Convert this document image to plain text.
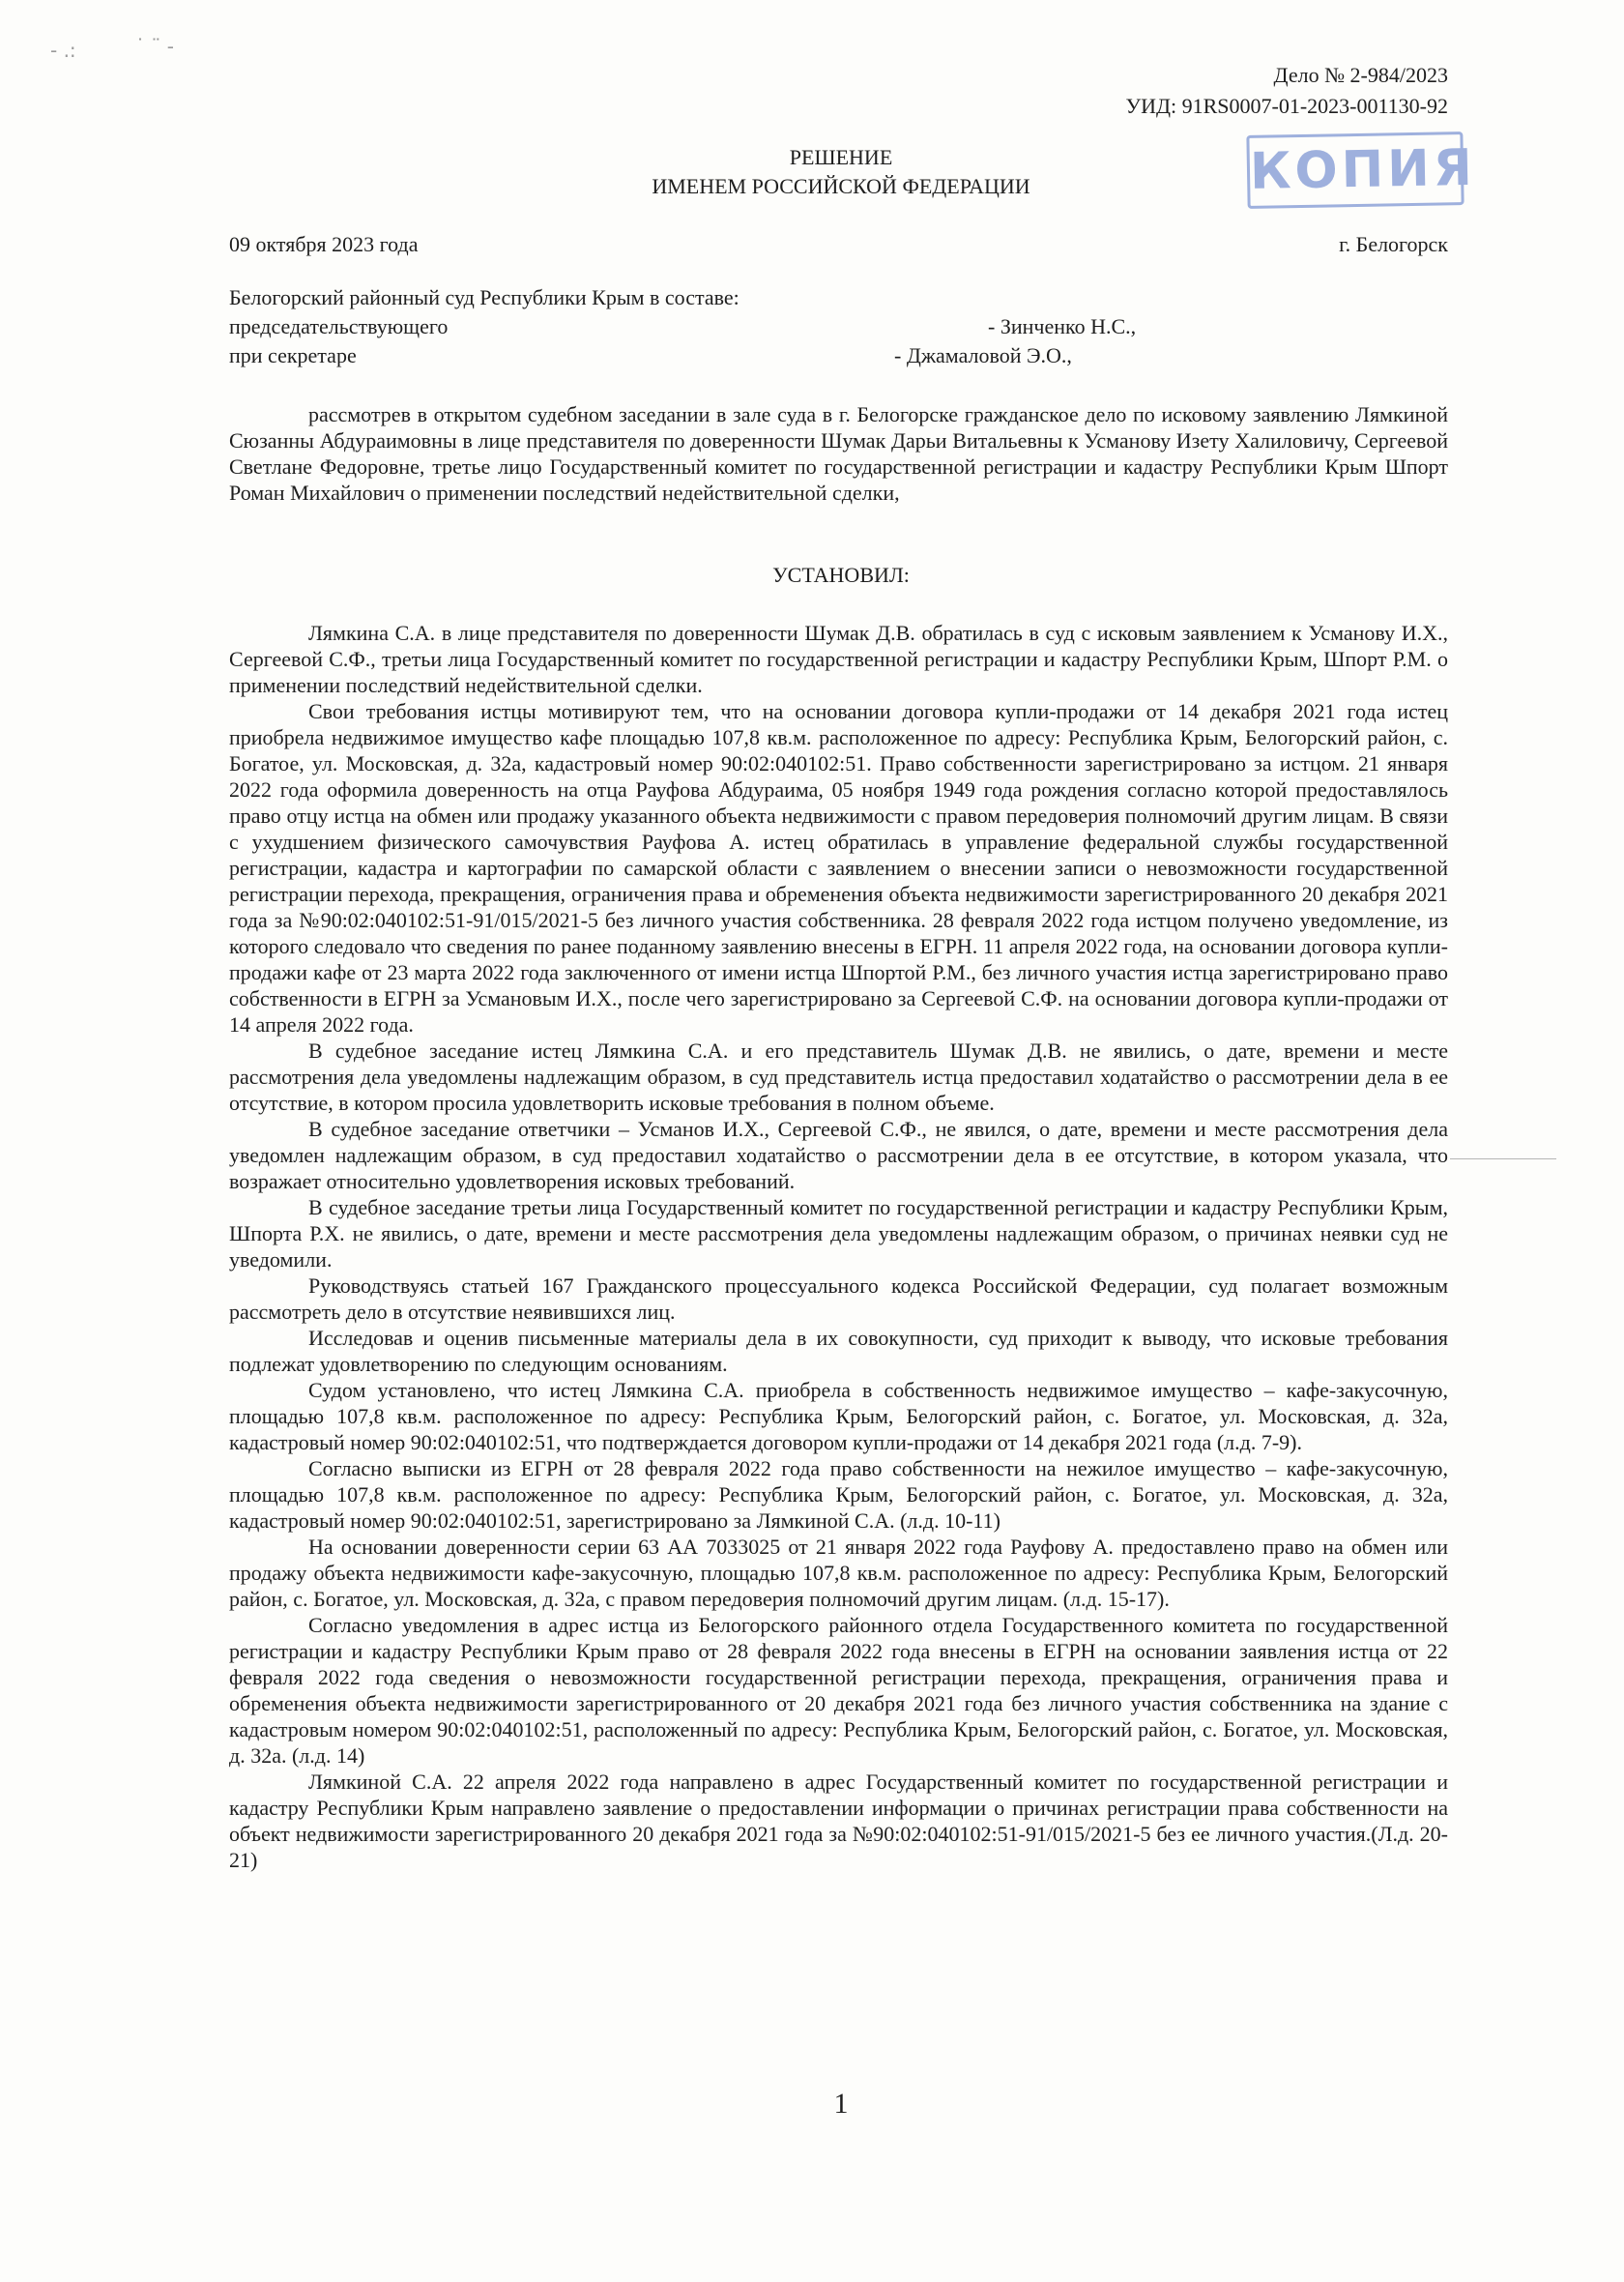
- .:	˙ ¨ -
Дело № 2-984/2023
УИД: 91RS0007-01-2023-001130-92
КОПИЯ
РЕШЕНИЕ
ИМЕНЕМ РОССИЙСКОЙ ФЕДЕРАЦИИ
09 октября 2023 года	г. Белогорск
Белогорский районный суд Республики Крым в составе:
председательствующего	- Зинченко Н.С.,
при секретаре	- Джамаловой Э.О.,

рассмотрев в открытом судебном заседании в зале суда в г. Белогорске гражданское дело по исковому заявлению Лямкиной Сюзанны Абдураимовны в лице представителя по доверенности Шумак Дарьи Витальевны к Усманову Изету Халиловичу, Сергеевой Светлане Федоровне, третье лицо Государственный комитет по государственной регистрации и кадастру Республики Крым Шпорт Роман Михайлович о применении последствий недействительной сделки,

УСТАНОВИЛ:

Лямкина С.А. в лице представителя по доверенности Шумак Д.В. обратилась в суд с исковым заявлением к Усманову И.Х., Сергеевой С.Ф., третьи лица Государственный комитет по государственной регистрации и кадастру Республики Крым, Шпорт Р.М. о применении последствий недействительной сделки.

Свои требования истцы мотивируют тем, что на основании договора купли-продажи от 14 декабря 2021 года истец приобрела недвижимое имущество кафе площадью 107,8 кв.м. расположенное по адресу: Республика Крым, Белогорский район, с. Богатое, ул. Московская, д. 32а, кадастровый номер 90:02:040102:51. Право собственности зарегистрировано за истцом. 21 января 2022 года оформила доверенность на отца Рауфова Абдураима, 05 ноября 1949 года рождения согласно которой предоставлялось право отцу истца на обмен или продажу указанного объекта недвижимости с правом передоверия полномочий другим лицам. В связи с ухудшением физического самочувствия Рауфова А. истец обратилась в управление федеральной службы государственной регистрации, кадастра и картографии по самарской области с заявлением о внесении записи о невозможности государственной регистрации перехода, прекращения, ограничения права и обременения объекта недвижимости зарегистрированного 20 декабря 2021 года за №90:02:040102:51-91/015/2021-5 без личного участия собственника. 28 февраля 2022 года истцом получено уведомление, из которого следовало что сведения по ранее поданному заявлению внесены в ЕГРН. 11 апреля 2022 года, на основании договора купли-продажи кафе от 23 марта 2022 года заключенного от имени истца Шпортой Р.М., без личного участия истца зарегистрировано право собственности в ЕГРН за Усмановым И.Х., после чего зарегистрировано за Сергеевой С.Ф. на основании договора купли-продажи от 14 апреля 2022 года.

В судебное заседание истец Лямкина С.А. и его представитель Шумак Д.В. не явились, о дате, времени и месте рассмотрения дела уведомлены надлежащим образом, в суд представитель истца предоставил ходатайство о рассмотрении дела в ее отсутствие, в котором просила удовлетворить исковые требования в полном объеме.

В судебное заседание ответчики – Усманов И.Х., Сергеевой С.Ф., не явился, о дате, времени и месте рассмотрения дела уведомлен надлежащим образом, в суд предоставил ходатайство о рассмотрении дела в ее отсутствие, в котором указала, что возражает относительно удовлетворения исковых требований.

В судебное заседание третьи лица Государственный комитет по государственной регистрации и кадастру Республики Крым, Шпорта Р.Х. не явились, о дате, времени и месте рассмотрения дела уведомлены надлежащим образом, о причинах неявки суд не уведомили.

Руководствуясь статьей 167 Гражданского процессуального кодекса Российской Федерации, суд полагает возможным рассмотреть дело в отсутствие неявившихся лиц.

Исследовав и оценив письменные материалы дела в их совокупности, суд приходит к выводу, что исковые требования подлежат удовлетворению по следующим основаниям.

Судом установлено, что истец Лямкина С.А. приобрела в собственность недвижимое имущество – кафе-закусочную, площадью 107,8 кв.м. расположенное по адресу: Республика Крым, Белогорский район, с. Богатое, ул. Московская, д. 32а, кадастровый номер 90:02:040102:51, что подтверждается договором купли-продажи от 14 декабря 2021 года (л.д. 7-9).

Согласно выписки из ЕГРН от 28 февраля 2022 года право собственности на нежилое имущество – кафе-закусочную, площадью 107,8 кв.м. расположенное по адресу: Республика Крым, Белогорский район, с. Богатое, ул. Московская, д. 32а, кадастровый номер 90:02:040102:51, зарегистрировано за Лямкиной С.А. (л.д. 10-11)

На основании доверенности серии 63 АА 7033025 от 21 января 2022 года Рауфову А. предоставлено право на обмен или продажу объекта недвижимости кафе-закусочную, площадью 107,8 кв.м. расположенное по адресу: Республика Крым, Белогорский район, с. Богатое, ул. Московская, д. 32а, с правом передоверия полномочий другим лицам. (л.д. 15-17).

Согласно уведомления в адрес истца из Белогорского районного отдела Государственного комитета по государственной регистрации и кадастру Республики Крым право от 28 февраля 2022 года внесены в ЕГРН на основании заявления истца от 22 февраля 2022 года сведения о невозможности государственной регистрации перехода, прекращения, ограничения права и обременения объекта недвижимости зарегистрированного от 20 декабря 2021 года без личного участия собственника на здание с кадастровым номером 90:02:040102:51, расположенный по адресу: Республика Крым, Белогорский район, с. Богатое, ул. Московская, д. 32а. (л.д. 14)

Лямкиной С.А. 22 апреля 2022 года направлено в адрес Государственный комитет по государственной регистрации и кадастру Республики Крым направлено заявление о предоставлении информации о причинах регистрации права собственности на объект недвижимости зарегистрированного 20 декабря 2021 года за №90:02:040102:51-91/015/2021-5 без ее личного участия.(Л.д. 20-21)

1
